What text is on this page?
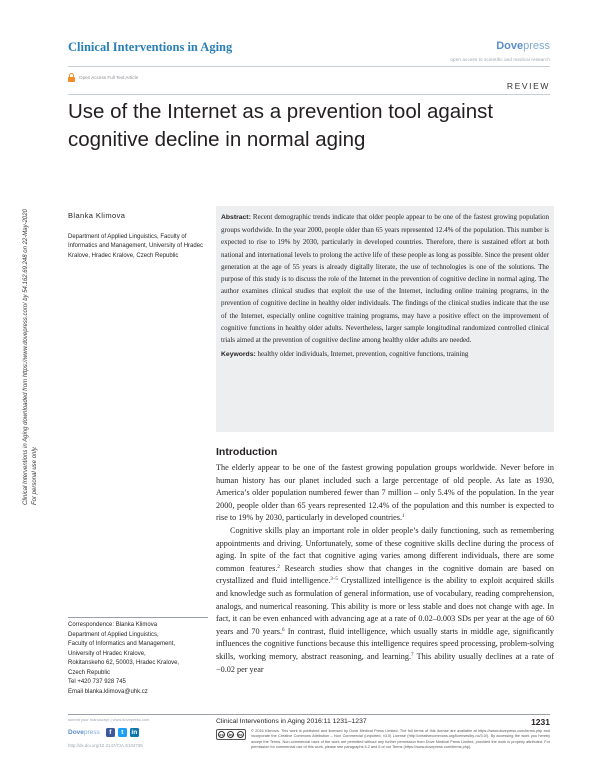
Clinical Interventions in Aging	Dovepress
open access to scientific and medical research
Open Access Full Text Article
REVIEW
Use of the Internet as a prevention tool against cognitive decline in normal aging
Clinical Interventions in Aging downloaded from https://www.dovepress.com/ by 54.162.69.248 on 22-May-2020 For personal use only.
Blanka Klimova
Department of Applied Linguistics, Faculty of Informatics and Management, University of Hradec Kralove, Hradec Kralove, Czech Republic
Abstract: Recent demographic trends indicate that older people appear to be one of the fastest growing population groups worldwide. In the year 2000, people older than 65 years represented 12.4% of the population. This number is expected to rise to 19% by 2030, particularly in developed countries. Therefore, there is sustained effort at both national and international levels to prolong the active life of these people as long as possible. Since the present older generation at the age of 55 years is already digitally literate, the use of technologies is one of the solutions. The purpose of this study is to discuss the role of the Internet in the prevention of cognitive decline in normal aging. The author examines clinical studies that exploit the use of the Internet, including online training programs, in the prevention of cognitive decline in healthy older individuals. The findings of the clinical studies indicate that the use of the Internet, especially online cognitive training programs, may have a positive effect on the improvement of cognitive functions in healthy older adults. Nevertheless, larger sample longitudinal randomized controlled clinical trials aimed at the prevention of cognitive decline among healthy older adults are needed.
Keywords: healthy older individuals, Internet, prevention, cognitive functions, training
Introduction

The elderly appear to be one of the fastest growing population groups worldwide. Never before in human history has our planet included such a large percentage of old people. As late as 1930, America’s older population numbered fewer than 7 million – only 5.4% of the population. In the year 2000, people older than 65 years represented 12.4% of the population and this number is expected to rise to 19% by 2030, particularly in developed countries.$^1$

Cognitive skills play an important role in older people’s daily functioning, such as remembering appointments and driving. Unfortunately, some of these cognitive skills decline during the process of aging. In spite of the fact that cognitive aging varies among different individuals, there are some common features.$^2$ Research studies show that changes in the cognitive domain are based on crystallized and fluid intelligence.$^{3-5}$ Crystallized intelligence is the ability to exploit acquired skills and knowledge such as formulation of general information, use of vocabulary, reading comprehension, analogs, and numerical reasoning. This ability is more or less stable and does not change with age. In fact, it can be even enhanced with advancing age at a rate of 0.02–0.003 SDs per year at the age of 60 years and 70 years.$^6$ In contrast, fluid intelligence, which usually starts in middle age, significantly influences the cognitive functions because this intelligence requires speed processing, problem-solving skills, working memory, abstract reasoning, and learning.$^7$ This ability usually declines at a rate of −0.02 per year

Correspondence: Blanka Klimova
Department of Applied Linguistics,
Faculty of Informatics and Management,
University of Hradec Kralove,
Rokitanskeho 62, 50003, Hradec Kralove,
Czech Republic
Tel +420 737 928 745
Email blanka.klimova@uhk.cz
submit your manuscript | www.dovepress.com
Dovepress	f	t	in
http://dx.doi.org/10.2147/CIA.S104736
Clinical Interventions in Aging 2016:11 1231–1237	1231
cc	by nc
© 2016 Klimova. This work is published and licensed by Dove Medical Press Limited. The full terms of this license are available at https://www.dovepress.com/terms.php and incorporate the Creative Commons Attribution – Non Commercial (unported, v3.0) License (http://creativecommons.org/licenses/by-nc/3.0/). By accessing the work you hereby accept the Terms. Non-commercial uses of the work are permitted without any further permission from Dove Medical Press Limited, provided the work is properly attributed. For permission for commercial use of this work, please see paragraphs 4.2 and 5 of our Terms (https://www.dovepress.com/terms.php).
